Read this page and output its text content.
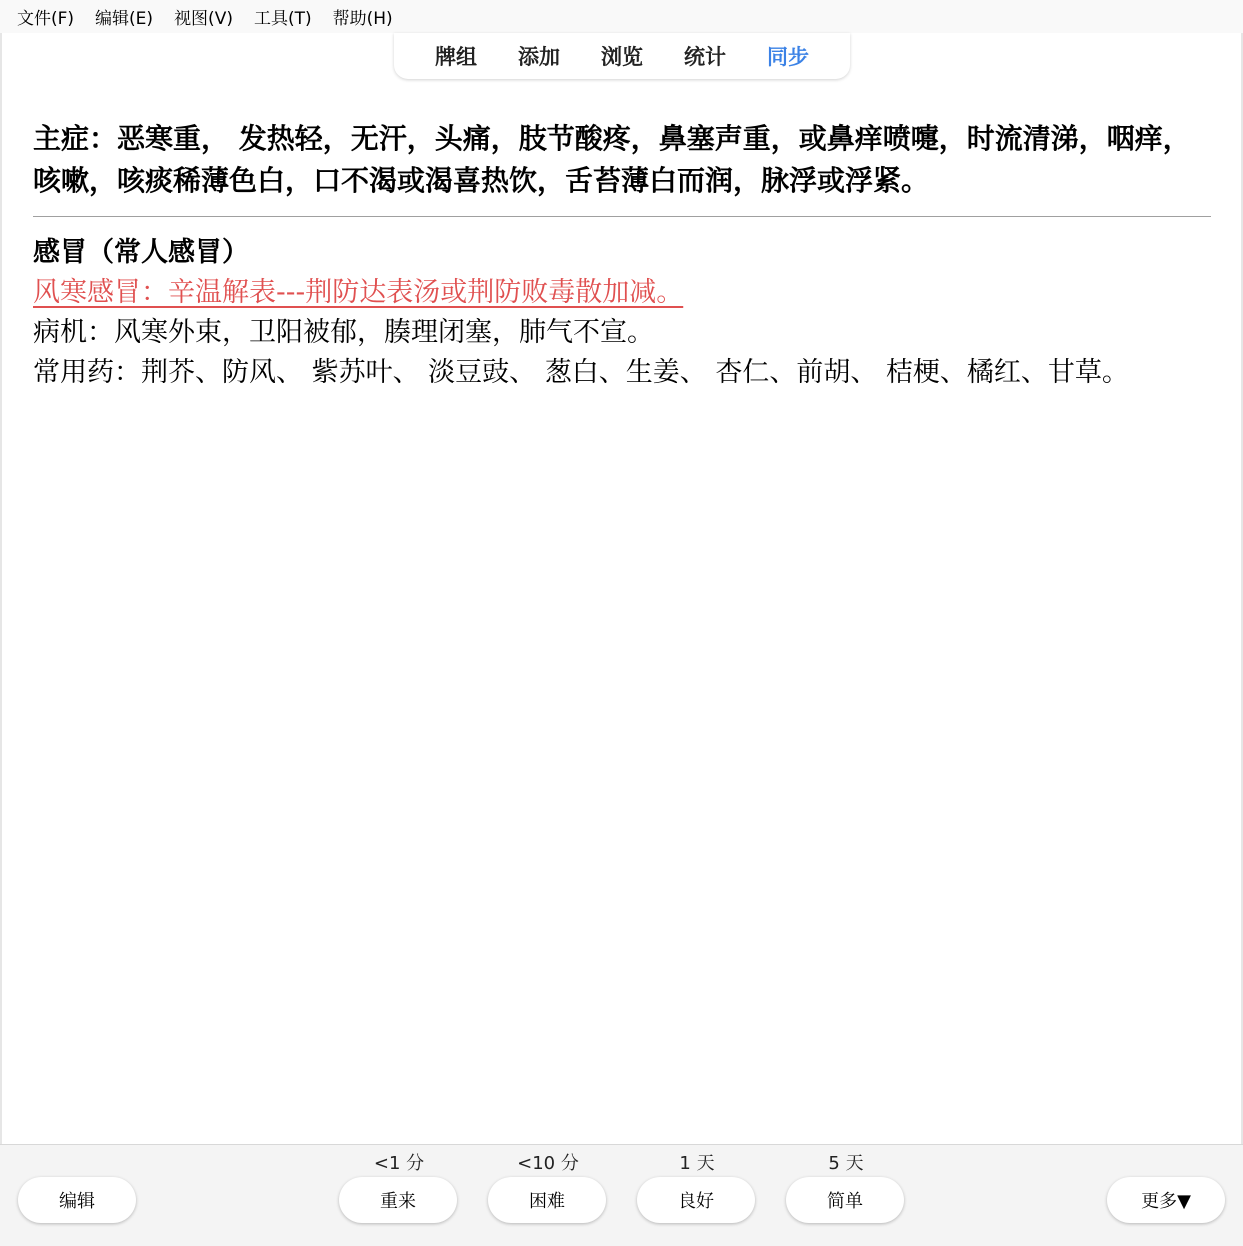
文件(F) 编辑(E) 视图(V) 工具(T) 帮助(H)
牌组 添加 浏览 统计 同步

主症：恶寒重， 发热轻，无汗，头痛，肢节酸疼，鼻塞声重，或鼻痒喷嚏，时流清涕，咽痒，咳嗽，咳痰稀薄色白，口不渴或渴喜热饮，舌苔薄白而润，脉浮或浮紧。

感冒（常人感冒）
风寒感冒：辛温解表---荆防达表汤或荆防败毒散加减。
病机：风寒外束，卫阳被郁，腠理闭塞，肺气不宣。
常用药：荆芥、防风、 紫苏叶、 淡豆豉、 葱白、生姜、 杏仁、前胡、 桔梗、橘红、甘草。
编辑
<1 分
重来
<10 分
困难
1 天
良好
5 天
简单	更多▼
